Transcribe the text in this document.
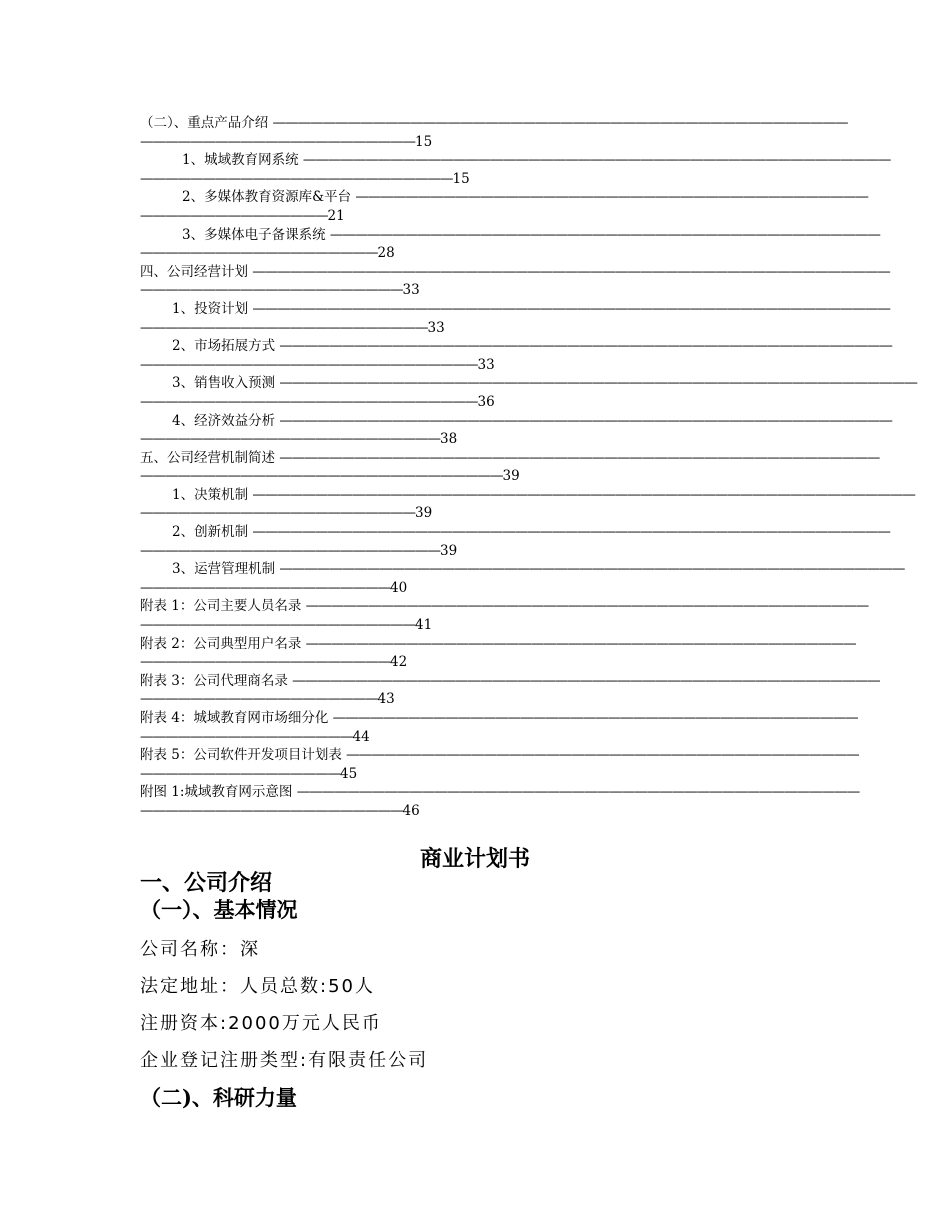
（二）、重点产品介绍 ——————————————————————————————————————————————
——————————————————————15
1、城域教育网系统 ———————————————————————————————————————————————
—————————————————————————15
2、多媒体教育资源库&平台 —————————————————————————————————————————
———————————————21
3、多媒体电子备课系统 ————————————————————————————————————————————
———————————————————28
四、公司经营计划 ———————————————————————————————————————————————————
—————————————————————33
1、投资计划 ———————————————————————————————————————————————————
———————————————————————33
2、市场拓展方式 —————————————————————————————————————————————————
———————————————————————————33
3、销售收入预测 ———————————————————————————————————————————————————
———————————————————————————36
4、经济效益分析 —————————————————————————————————————————————————
————————————————————————38
五、公司经营机制简述 ————————————————————————————————————————————————
—————————————————————————————39
1、决策机制 —————————————————————————————————————————————————————
——————————————————————39
2、创新机制 ———————————————————————————————————————————————————
————————————————————————39
3、运营管理机制 ——————————————————————————————————————————————————
————————————————————40
附表 1：公司主要人员名录 —————————————————————————————————————————————
——————————————————————41
附表 2：公司典型用户名录 ————————————————————————————————————————————
————————————————————42
附表 3：公司代理商名录 ———————————————————————————————————————————————
———————————————————43
附表 4：城域教育网市场细分化 ——————————————————————————————————————————
—————————————————44
附表 5：公司软件开发项目计划表 —————————————————————————————————————————
————————————————45
附图 1:城域教育网示意图 —————————————————————————————————————————————
—————————————————————46
商业计划书
一、公司介绍
（一）、基本情况
公司名称：深
法定地址：人员总数:50人
注册资本:2000万元人民币
企业登记注册类型:有限责任公司
（二)、科研力量
